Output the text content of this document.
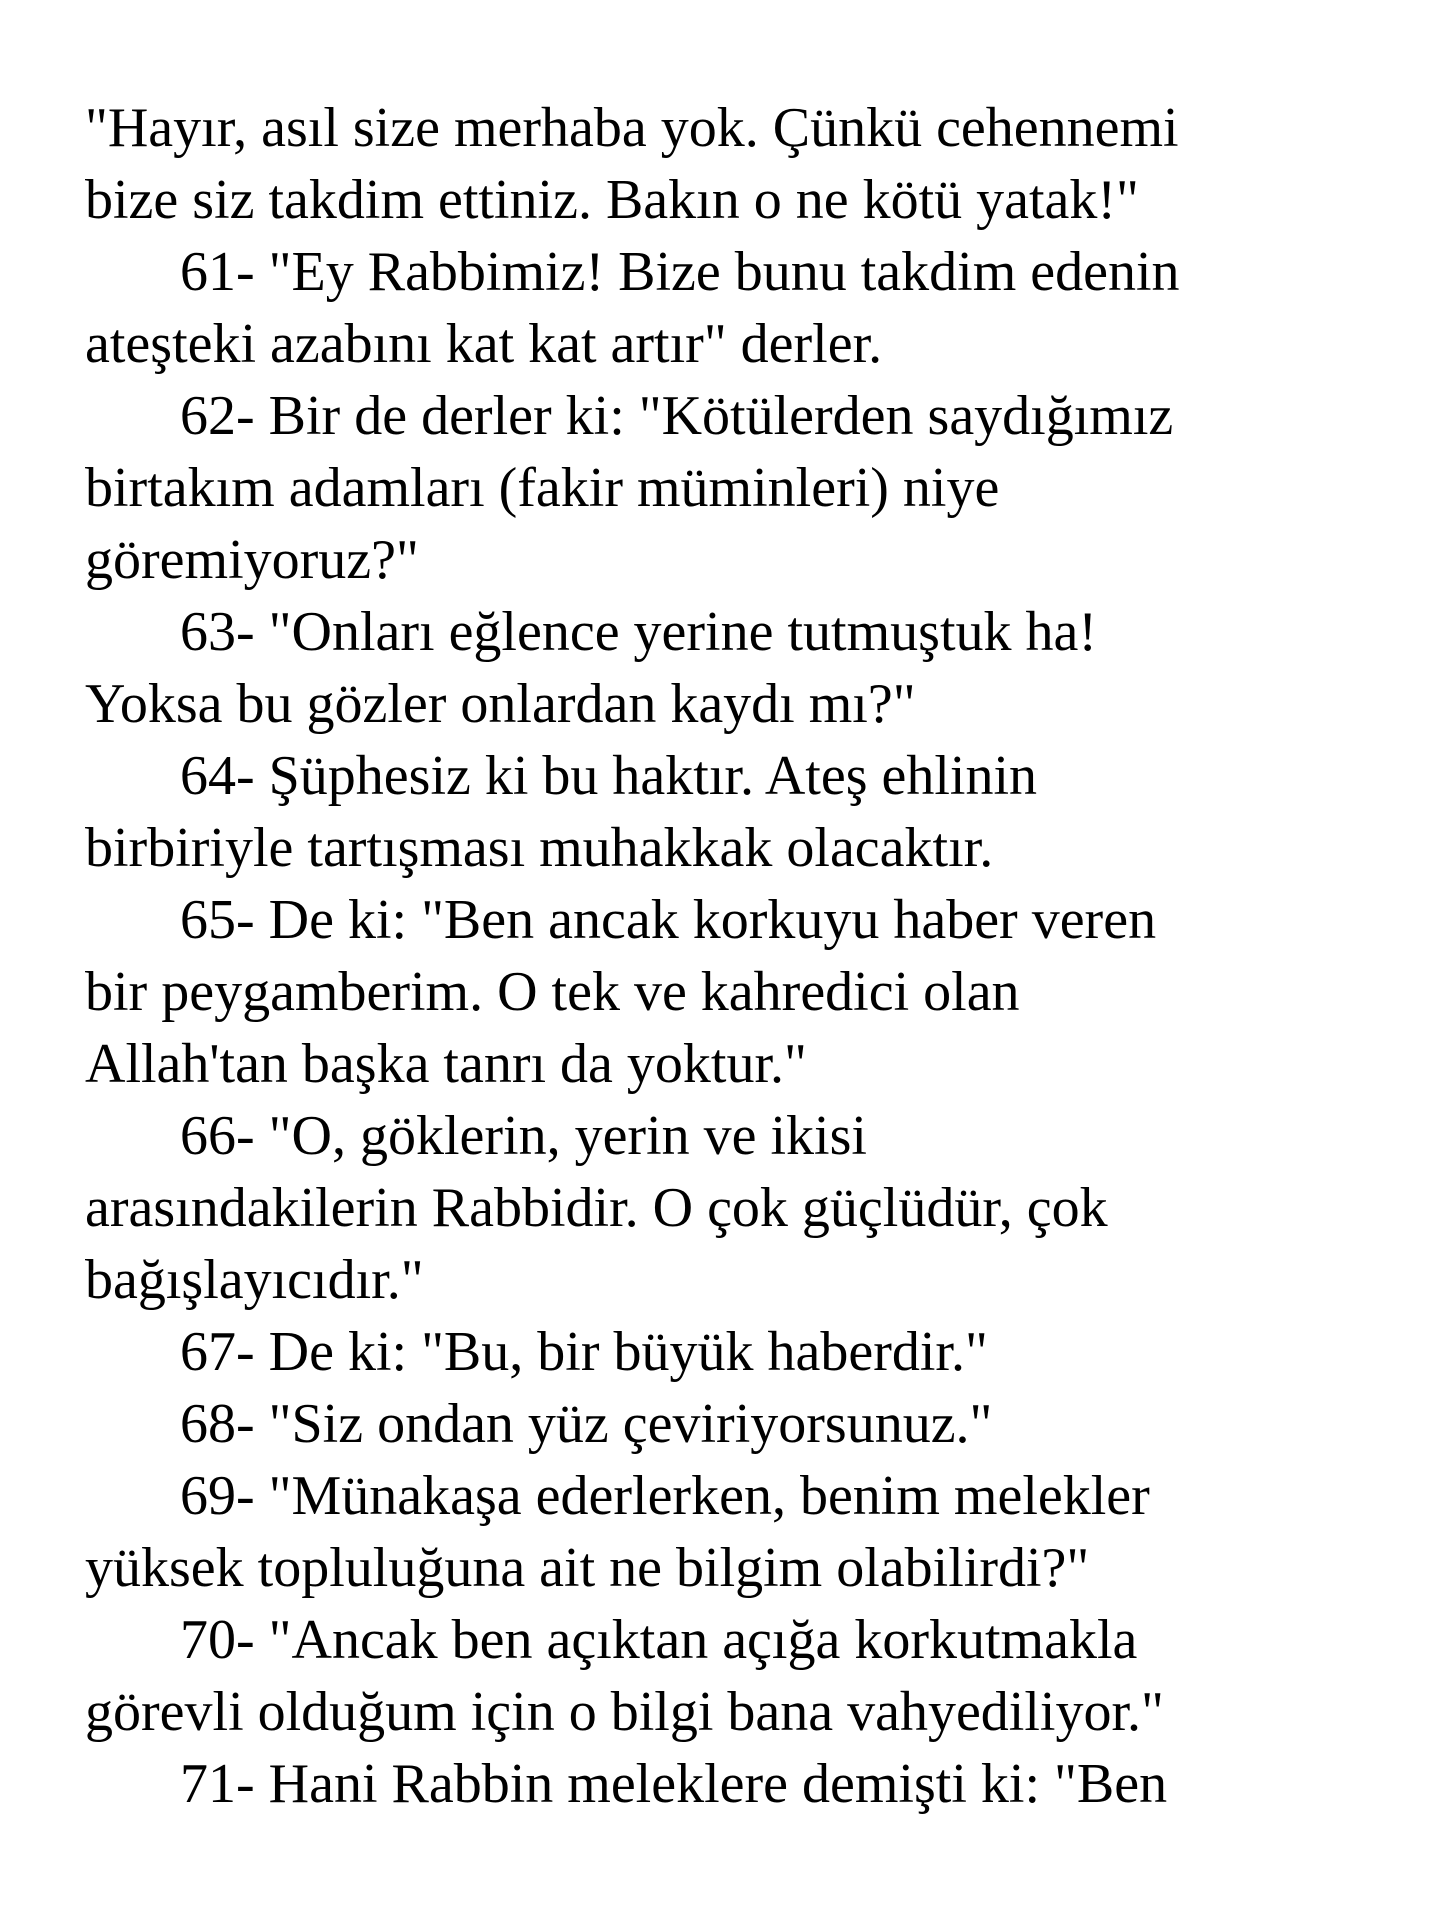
"Hayır, asıl size merhaba yok. Çünkü cehennemi
bize siz takdim ettiniz. Bakın o ne kötü yatak!"
61- "Ey Rabbimiz! Bize bunu takdim edenin
ateşteki azabını kat kat artır" derler.
62- Bir de derler ki: "Kötülerden saydığımız
birtakım adamları (fakir müminleri) niye
göremiyoruz?"
63- "Onları eğlence yerine tutmuştuk ha!
Yoksa bu gözler onlardan kaydı mı?"
64- Şüphesiz ki bu haktır. Ateş ehlinin
birbiriyle tartışması muhakkak olacaktır.
65- De ki: "Ben ancak korkuyu haber veren
bir peygamberim. O tek ve kahredici olan
Allah'tan başka tanrı da yoktur."
66- "O, göklerin, yerin ve ikisi
arasındakilerin Rabbidir. O çok güçlüdür, çok
bağışlayıcıdır."
67- De ki: "Bu, bir büyük haberdir."
68- "Siz ondan yüz çeviriyorsunuz."
69- "Münakaşa ederlerken, benim melekler
yüksek topluluğuna ait ne bilgim olabilirdi?"
70- "Ancak ben açıktan açığa korkutmakla
görevli olduğum için o bilgi bana vahyediliyor."
71- Hani Rabbin meleklere demişti ki: "Ben
